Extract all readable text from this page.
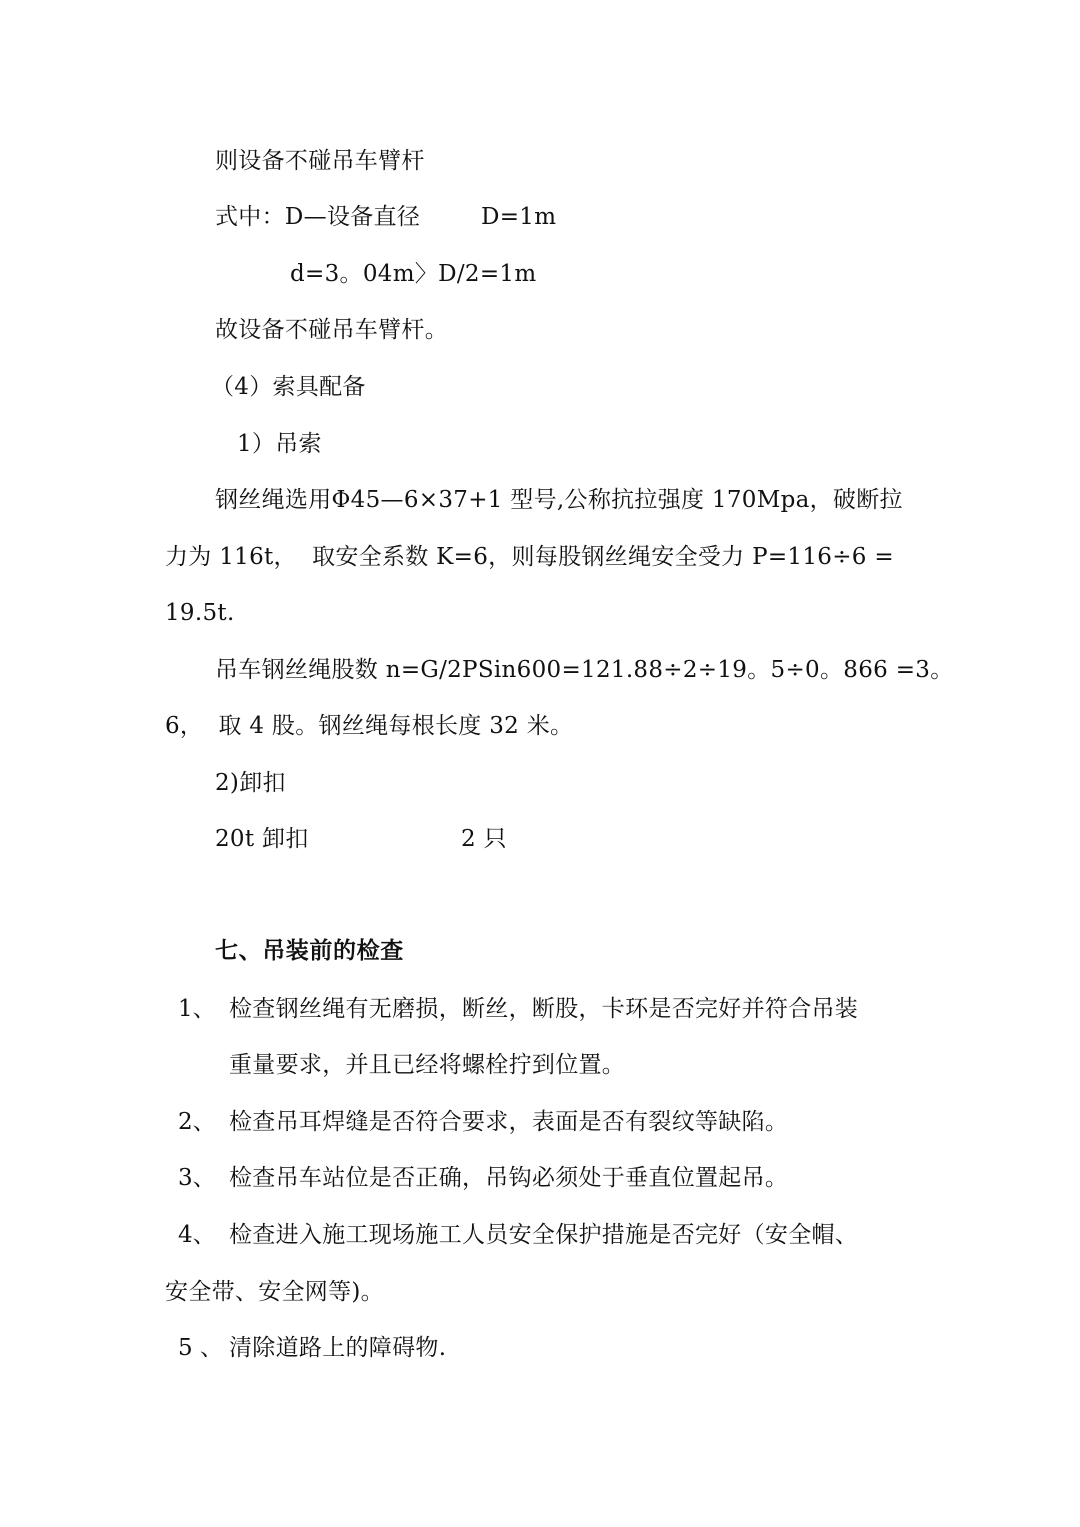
则设备不碰吊车臂杆
式中：D—设备直径	D=1m
d=3。04m〉D/2=1m
故设备不碰吊车臂杆。
（4）索具配备
1）吊索
钢丝绳选用Φ45—6×37+1 型号,公称抗拉强度 170Mpa，破断拉
力为 116t，  取安全系数 K=6，则每股钢丝绳安全受力 P=116÷6 =
19.5t.
吊车钢丝绳股数 n=G/2PSin600=121.88÷2÷19。5÷0。866 =3。
6，  取 4 股。钢丝绳每根长度 32 米。
2)卸扣
20t 卸扣	2 只
七、吊装前的检查
1、 检查钢丝绳有无磨损，断丝，断股，卡环是否完好并符合吊装
重量要求，并且已经将螺栓拧到位置。
2、 检查吊耳焊缝是否符合要求，表面是否有裂纹等缺陷。
3、 检查吊车站位是否正确，吊钩必须处于垂直位置起吊。
4、 检查进入施工现场施工人员安全保护措施是否完好（安全帽、
安全带、安全网等)。
5 、 清除道路上的障碍物.
